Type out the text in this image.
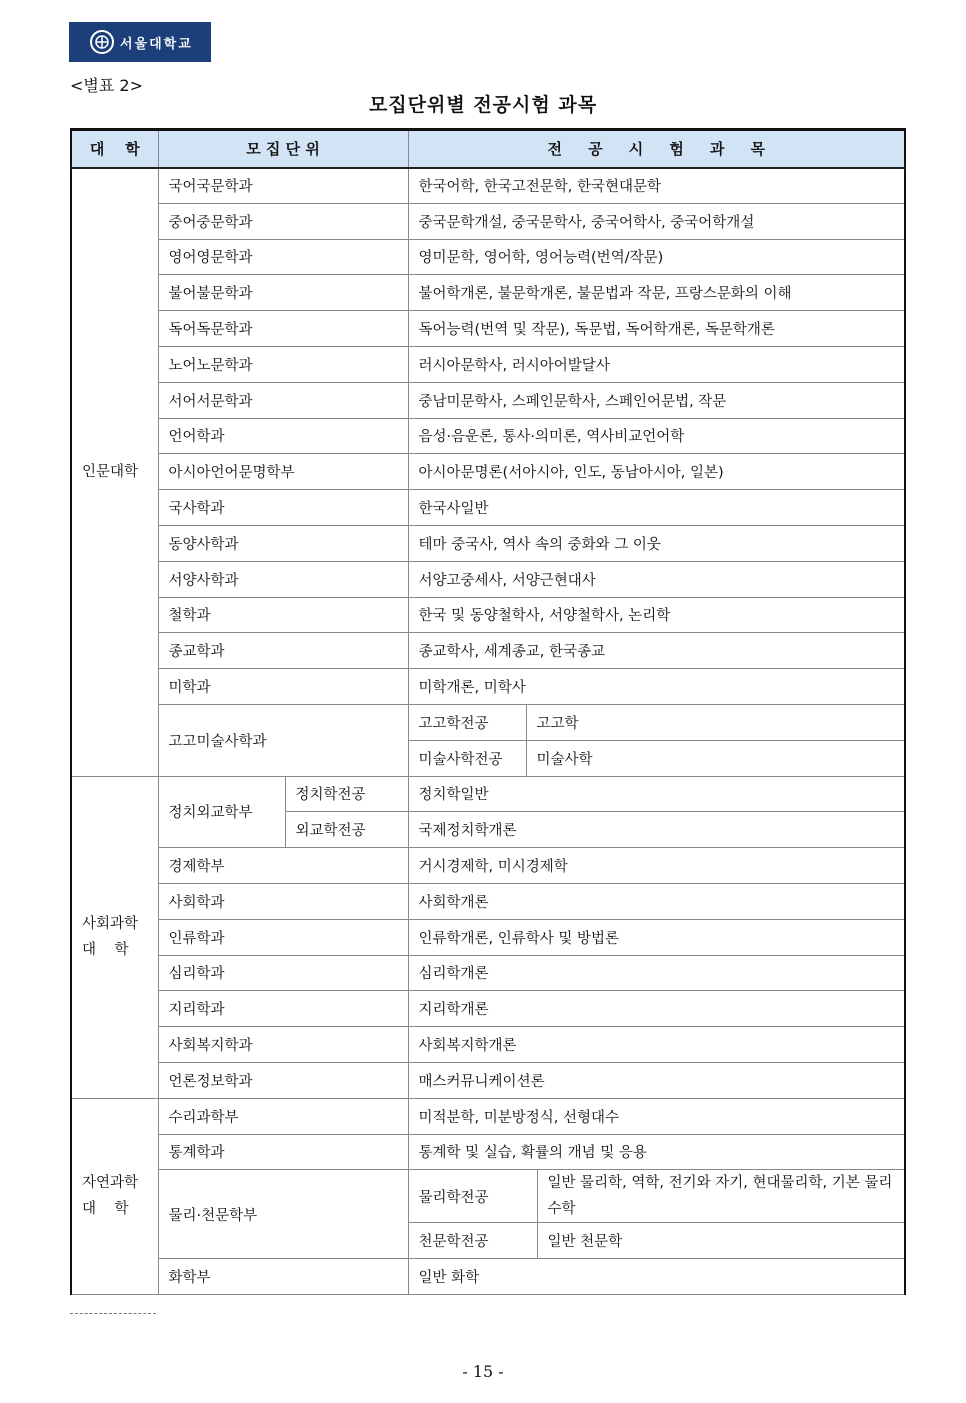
서울대학교
<별표 2>
모집단위별 전공시험 과목
대    학	모 집 단 위		전     공     시     험     과     목		
인문대학	국어국문학과		한국어학, 한국고전문학, 한국현대문학		
	중어중문학과		중국문학개설, 중국문학사, 중국어학사, 중국어학개설		
	영어영문학과		영미문학, 영어학, 영어능력(번역/작문)		
	불어불문학과		불어학개론, 불문학개론, 불문법과 작문, 프랑스문화의 이해		
	독어독문학과		독어능력(번역 및 작문), 독문법, 독어학개론, 독문학개론		
	노어노문학과		러시아문학사, 러시아어발달사		
	서어서문학과		중남미문학사, 스페인문학사, 스페인어문법, 작문		
	언어학과		음성·음운론, 통사·의미론, 역사비교언어학		
	아시아언어문명학부		아시아문명론(서아시아, 인도, 동남아시아, 일본)		
	국사학과		한국사일반		
	동양사학과		테마 중국사, 역사 속의 중화와 그 이웃		
	서양사학과		서양고중세사, 서양근현대사		
	철학과		한국 및 동양철학사, 서양철학사, 논리학		
	종교학과		종교학사, 세계종교, 한국종교		
	미학과		미학개론, 미학사		
	고고미술사학과		고고학전공	고고학	
			미술사학전공	미술사학	
사회과학
대    학	정치외교학부	정치학전공	정치학일반		
		외교학전공	국제정치학개론		
	경제학부		거시경제학, 미시경제학		
	사회학과		사회학개론		
	인류학과		인류학개론, 인류학사 및 방법론		
	심리학과		심리학개론		
	지리학과		지리학개론		
	사회복지학과		사회복지학개론		
	언론정보학과		매스커뮤니케이션론		
자연과학
대    학	수리과학부		미적분학, 미분방정식, 선형대수		
	통계학과		통계학 및 실습, 확률의 개념 및 응용		
	물리·천문학부		물리학전공		일반 물리학, 역학, 전기와 자기, 현대물리학, 기본 물리수학
			천문학전공		일반 천문학
	화학부		일반 화학		
- 15 -
